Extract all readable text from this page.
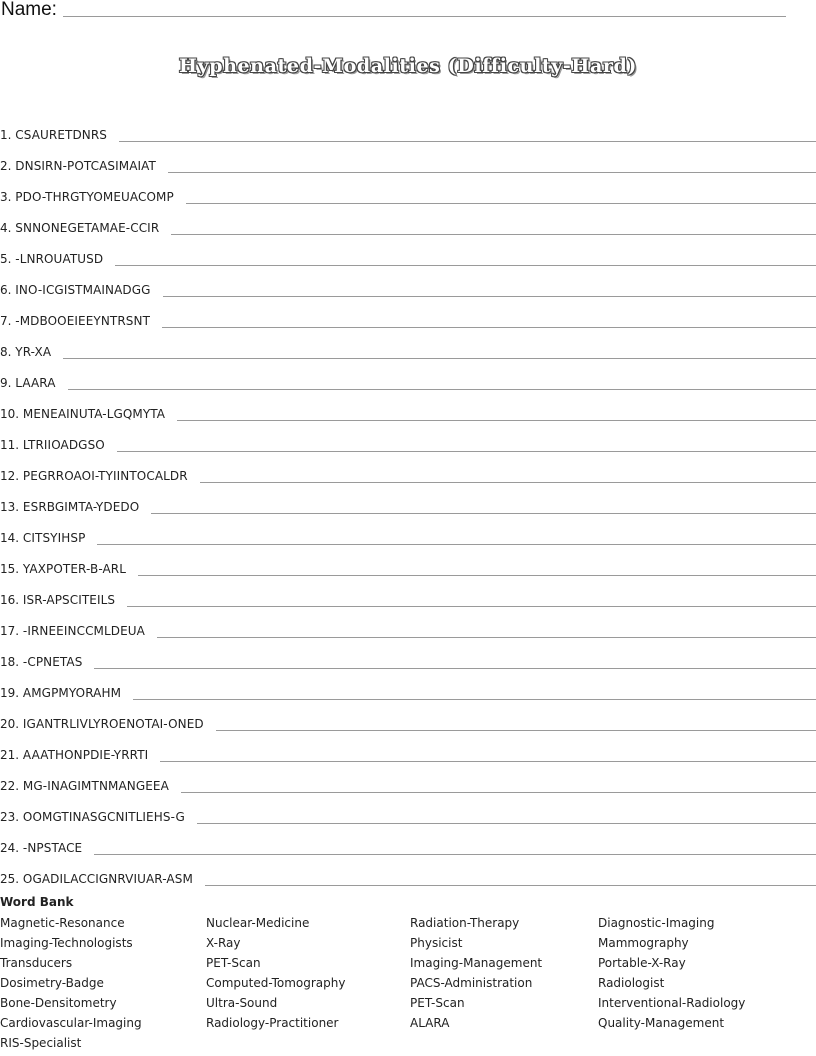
Name:
Hyphenated-Modalities (Difficulty-Hard)
1.
CSAURETDNRS
2.
DNSIRN-POTCASIMAIAT
3.
PDO-THRGTYOMEUACOMP
4.
SNNONEGETAMAE-CCIR
5.
-LNROUATUSD
6.
INO-ICGISTMAINADGG
7.
-MDBOOEIEEYNTRSNT
8.
YR-XA
9.
LAARA
10.
MENEAINUTA-LGQMYTA
11.
LTRIIOADGSO
12.
PEGRROAOI-TYIINTOCALDR
13.
ESRBGIMTA-YDEDO
14.
CITSYIHSP
15.
YAXPOTER-B-ARL
16.
ISR-APSCITEILS
17.
-IRNEEINCCMLDEUA
18.
-CPNETAS
19.
AMGPMYORAHM
20.
IGANTRLIVLYROENOTAI-ONED
21.
AAATHONPDIE-YRRTI
22.
MG-INAGIMTNMANGEEA
23.
OOMGTINASGCNITLIEHS-G
24.
-NPSTACE
25.
OGADILACCIGNRVIUAR-ASM
Word Bank
Magnetic-Resonance
Imaging-Technologists
Transducers
Dosimetry-Badge
Bone-Densitometry
Cardiovascular-Imaging
RIS-Specialist
Nuclear-Medicine
X-Ray
PET-Scan
Computed-Tomography
Ultra-Sound
Radiology-Practitioner
Radiation-Therapy
Physicist
Imaging-Management
PACS-Administration
PET-Scan
ALARA
Diagnostic-Imaging
Mammography
Portable-X-Ray
Radiologist
Interventional-Radiology
Quality-Management
